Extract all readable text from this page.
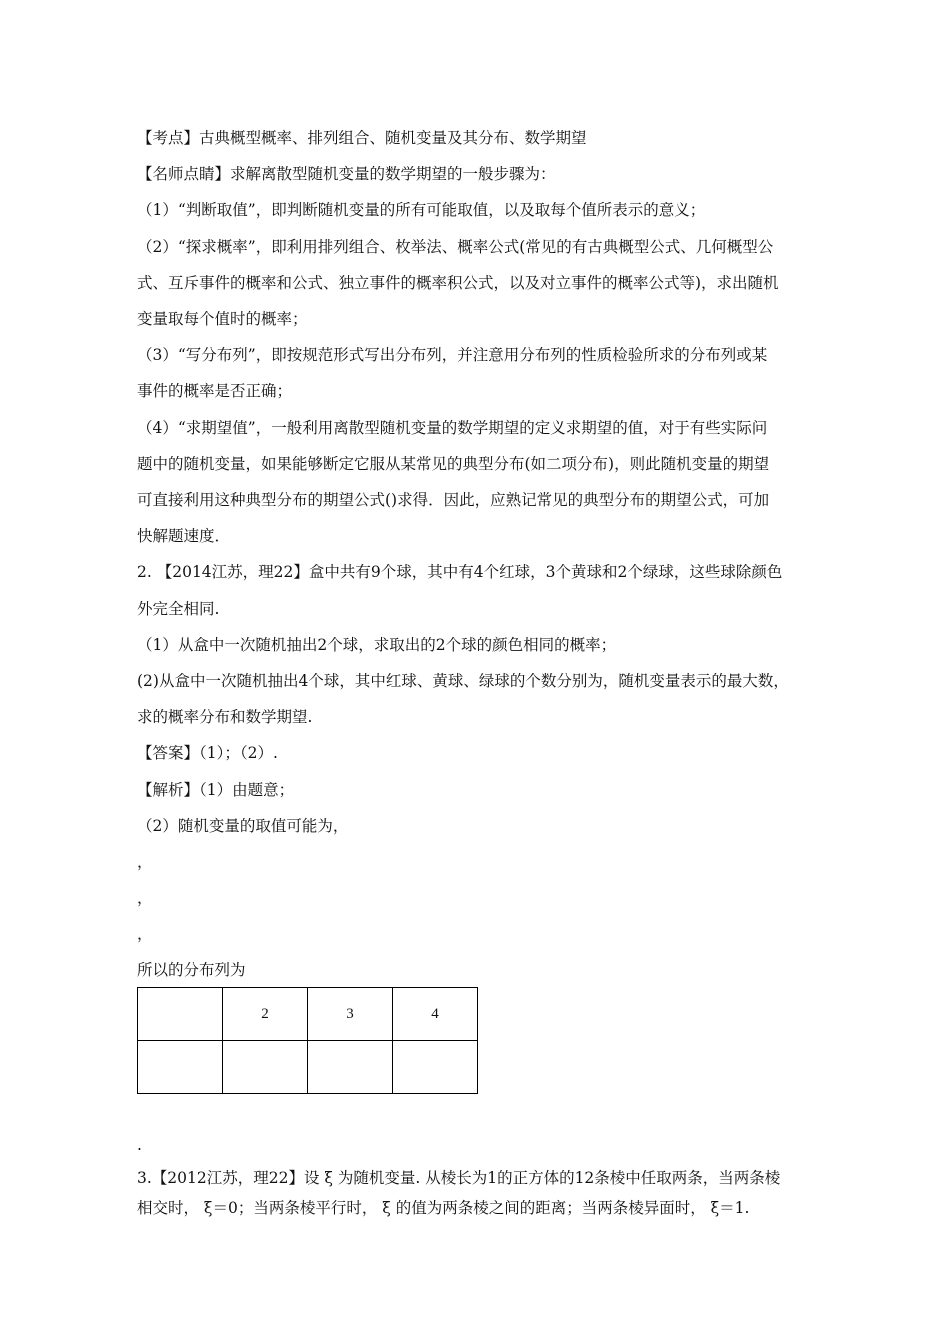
【考点】古典概型概率、排列组合、随机变量及其分布、数学期望
【名师点睛】求解离散型随机变量的数学期望的一般步骤为：
（1）“判断取值”，即判断随机变量的所有可能取值，以及取每个值所表示的意义；
（2）“探求概率”，即利用排列组合、枚举法、概率公式(常见的有古典概型公式、几何概型公
式、互斥事件的概率和公式、独立事件的概率积公式，以及对立事件的概率公式等)，求出随机
变量取每个值时的概率；
（3）“写分布列”，即按规范形式写出分布列，并注意用分布列的性质检验所求的分布列或某
事件的概率是否正确；
（4）“求期望值”，一般利用离散型随机变量的数学期望的定义求期望的值，对于有些实际问
题中的随机变量，如果能够断定它服从某常见的典型分布(如二项分布)，则此随机变量的期望
可直接利用这种典型分布的期望公式()求得．因此，应熟记常见的典型分布的期望公式，可加
快解题速度．
2. 【2014江苏，理22】盒中共有9个球，其中有4个红球，3个黄球和2个绿球，这些球除颜色
外完全相同.
（1）从盒中一次随机抽出2个球，求取出的2个球的颜色相同的概率；
(2)从盒中一次随机抽出4个球，其中红球、黄球、绿球的个数分别为，随机变量表示的最大数，
求的概率分布和数学期望.
【答案】（1）；（2）.
【解析】（1）由题意；
（2）随机变量的取值可能为，
，
，
，
所以的分布列为
	2	3	4

.
3.【2012江苏，理22】设 ξ 为随机变量. 从棱长为1的正方体的12条棱中任取两条，当两条棱
相交时， ξ＝0；当两条棱平行时， ξ 的值为两条棱之间的距离；当两条棱异面时， ξ＝1.
